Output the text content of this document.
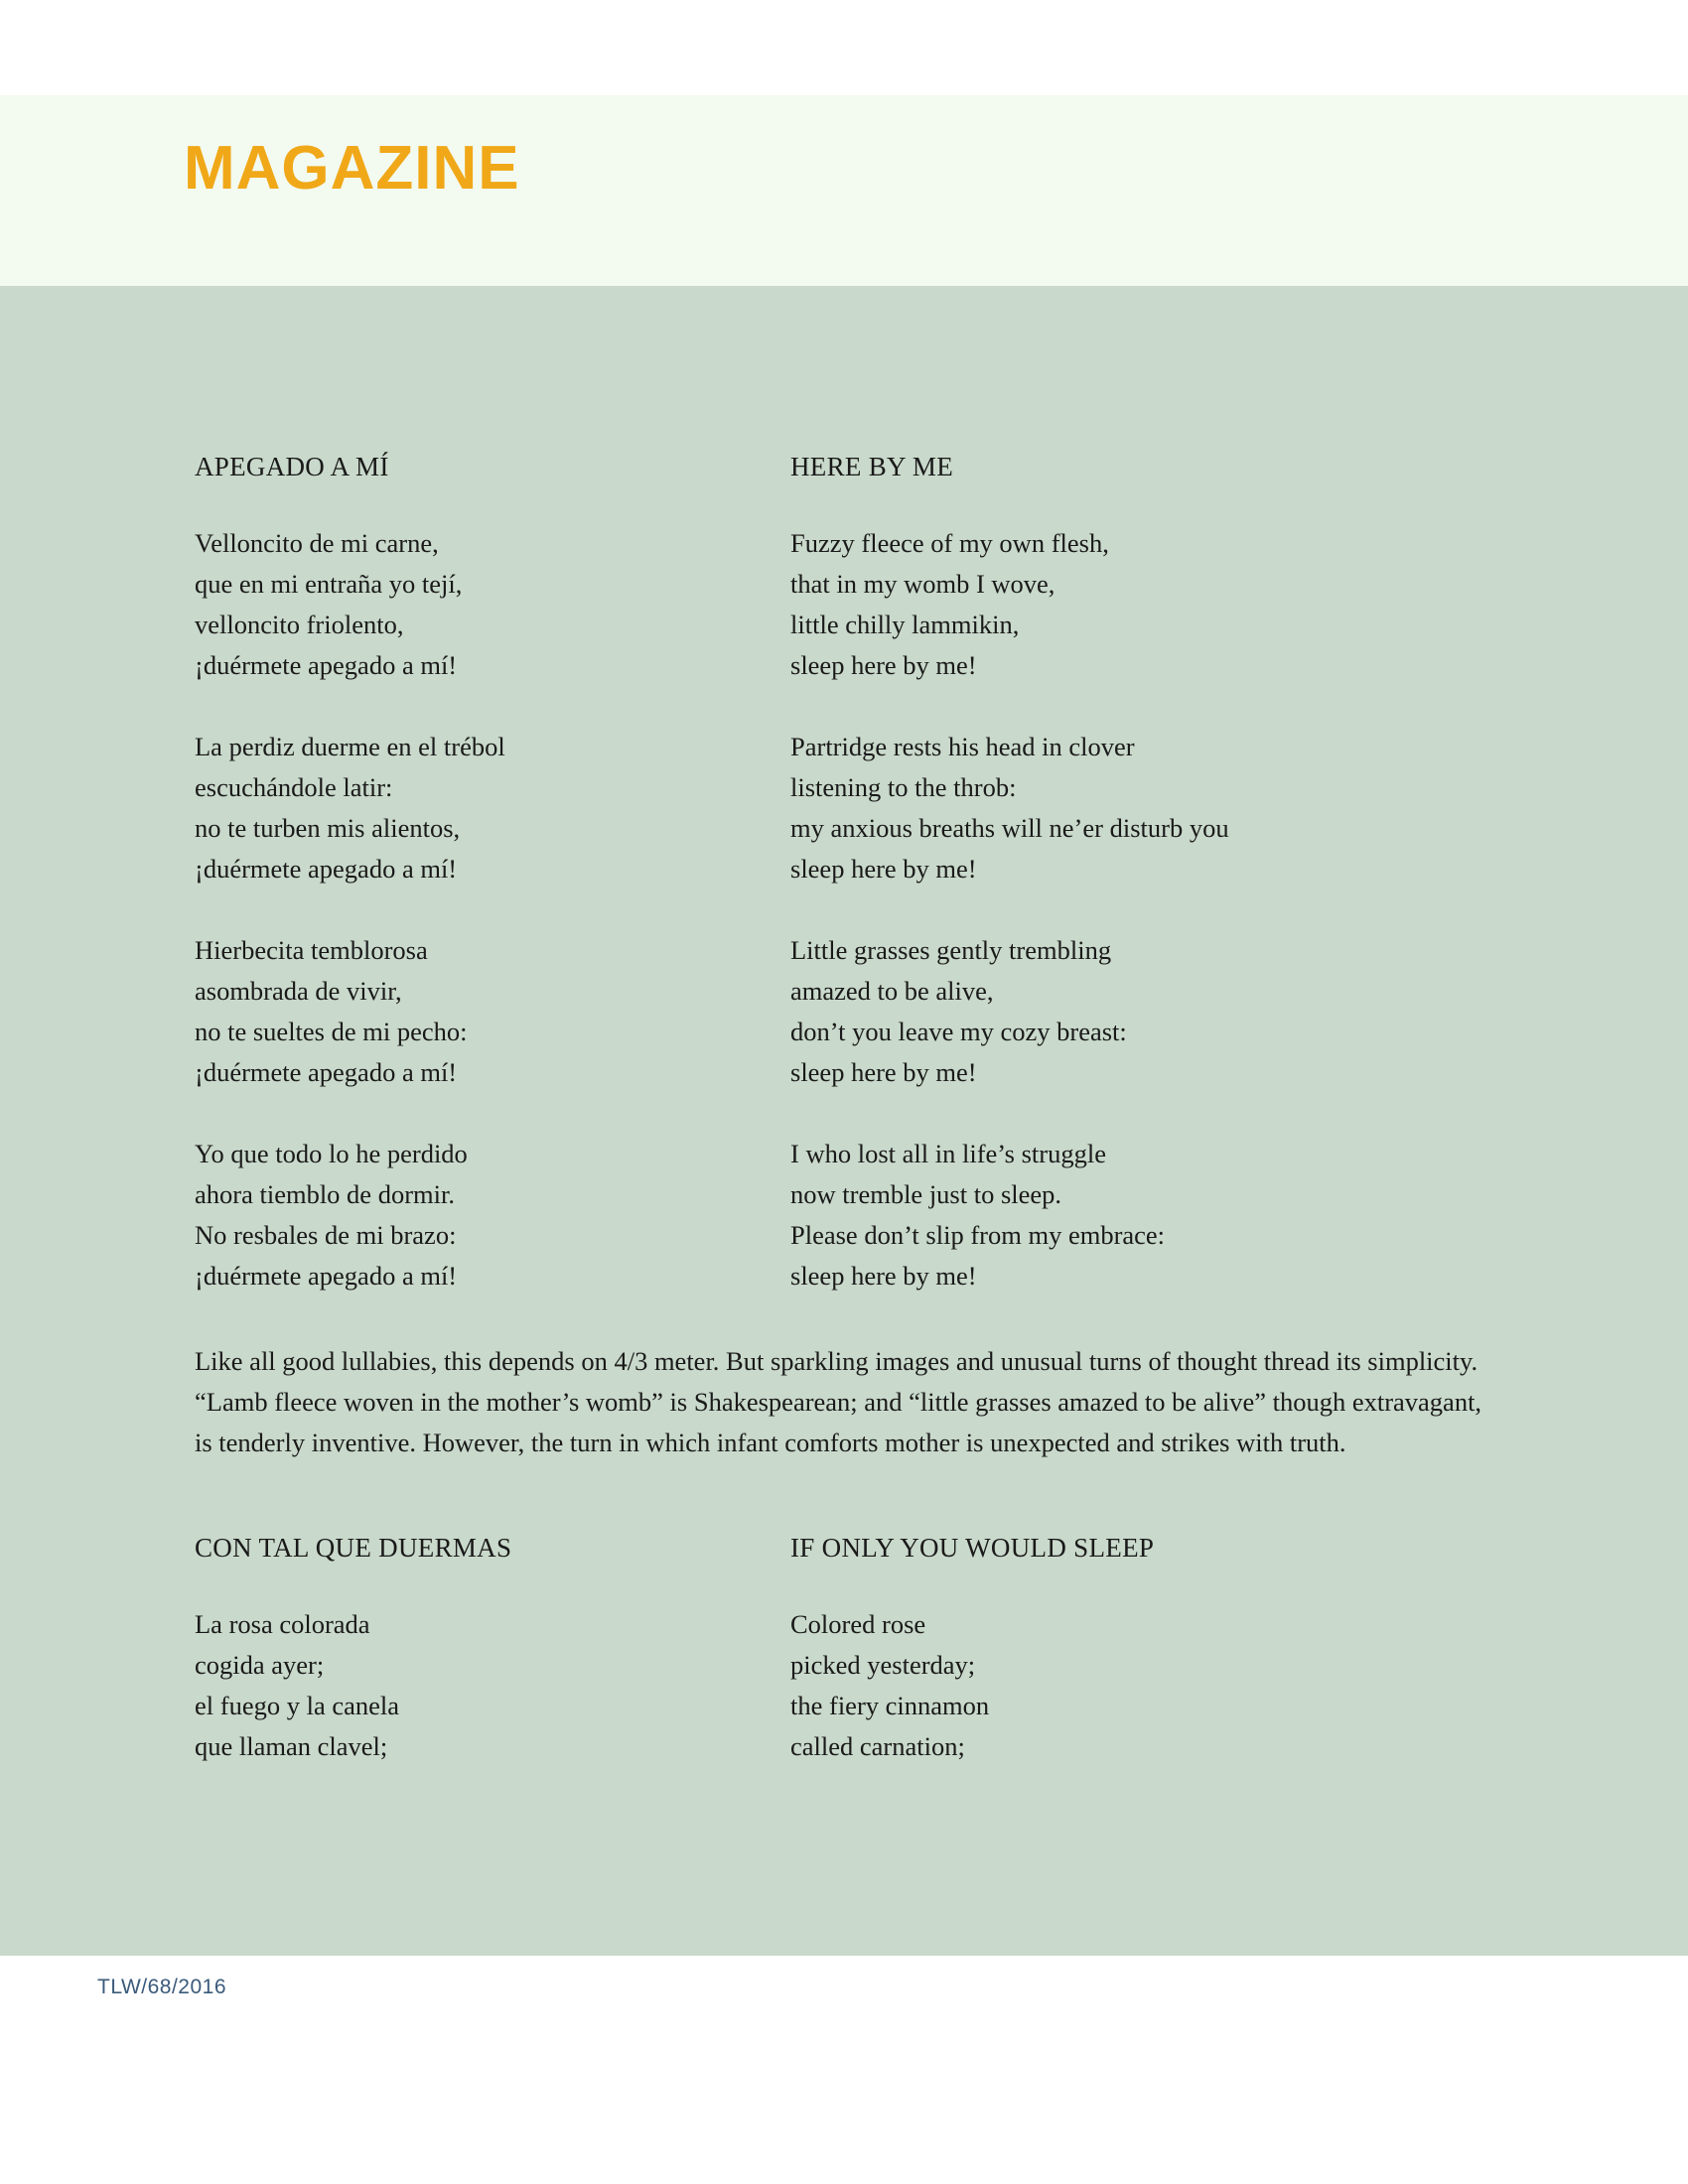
MAGAZINE
TLW/68/2016
APEGADO A MÍ
Velloncito de mi carne,
que en mi entraña yo tejí,
velloncito friolento,
¡duérmete apegado a mí!
La perdiz duerme en el trébol
escuchándole latir:
no te turben mis alientos,
¡duérmete apegado a mí!
Hierbecita temblorosa
asombrada de vivir,
no te sueltes de mi pecho:
¡duérmete apegado a mí!
Yo que todo lo he perdido
ahora tiemblo de dormir.
No resbales de mi brazo:
¡duérmete apegado a mí!
HERE BY ME
Fuzzy fleece of my own flesh,
that in my womb I wove,
little chilly lammikin,
sleep here by me!
Partridge rests his head in clover
listening to the throb:
my anxious breaths will ne’er disturb you
sleep here by me!
Little grasses gently trembling
amazed to be alive,
don’t you leave my cozy breast:
sleep here by me!
I who lost all in life’s struggle
now tremble just to sleep.
Please don’t slip from my embrace:
sleep here by me!
Like all good lullabies, this depends on 4/3 meter. But sparkling images and unusual turns of thought thread its simplicity. “Lamb fleece woven in the mother’s womb” is Shakespearean; and “little grasses amazed to be alive” though extravagant, is tenderly inventive. However, the turn in which infant comforts mother is unexpected and strikes with truth.
CON TAL QUE DUERMAS
La rosa colorada
cogida ayer;
el fuego y la canela
que llaman clavel;
IF ONLY YOU WOULD SLEEP
Colored rose
picked yesterday;
the fiery cinnamon
called carnation;
